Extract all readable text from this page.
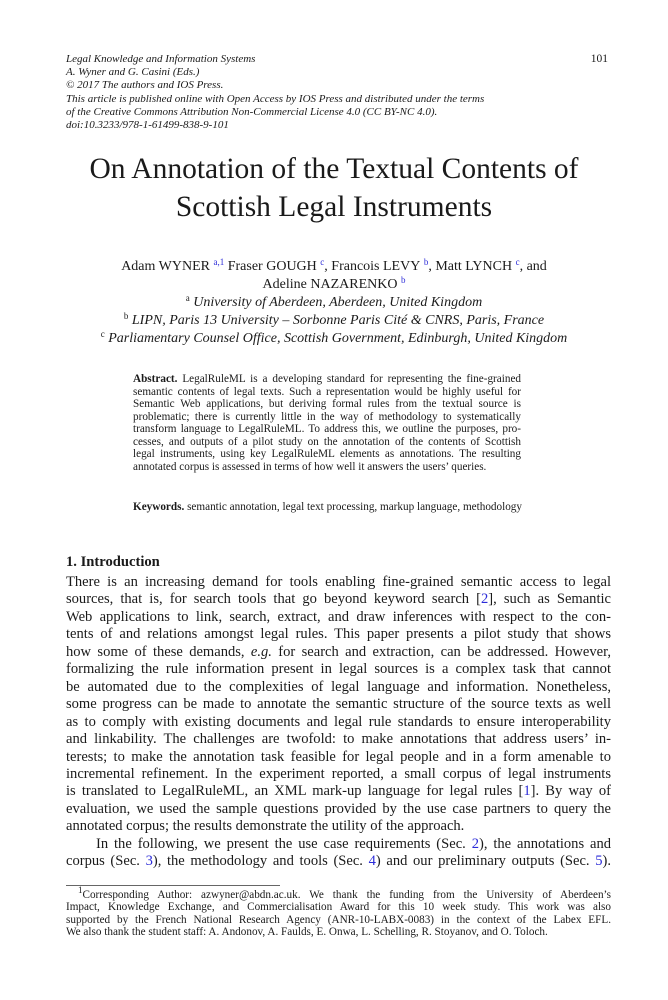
Legal Knowledge and Information Systems
A. Wyner and G. Casini (Eds.)
© 2017 The authors and IOS Press.
This article is published online with Open Access by IOS Press and distributed under the terms
of the Creative Commons Attribution Non-Commercial License 4.0 (CC BY-NC 4.0).
doi:10.3233/978-1-61499-838-9-101
101
On Annotation of the Textual Contents of
Scottish Legal Instruments
Adam WYNER $^{a,1}$ Fraser GOUGH $^c$, Francois LEVY $^b$, Matt LYNCH $^c$, and
Adeline NAZARENKO $^b$
$^a$ University of Aberdeen, Aberdeen, United Kingdom
$^b$ LIPN, Paris 13 University – Sorbonne Paris Cité & CNRS, Paris, France
$^c$ Parliamentary Counsel Office, Scottish Government, Edinburgh, United Kingdom
Abstract. LegalRuleML is a developing standard for representing the fine-grained
semantic contents of legal texts. Such a representation would be highly useful for
Semantic Web applications, but deriving formal rules from the textual source is
problematic; there is currently little in the way of methodology to systematically
transform language to LegalRuleML. To address this, we outline the purposes, pro-
cesses, and outputs of a pilot study on the annotation of the contents of Scottish
legal instruments, using key LegalRuleML elements as annotations. The resulting
annotated corpus is assessed in terms of how well it answers the users’ queries.
Keywords. semantic annotation, legal text processing, markup language, methodology
1. Introduction
There is an increasing demand for tools enabling fine-grained semantic access to legal
sources, that is, for search tools that go beyond keyword search [2], such as Semantic
Web applications to link, search, extract, and draw inferences with respect to the con-
tents of and relations amongst legal rules. This paper presents a pilot study that shows
how some of these demands, e.g. for search and extraction, can be addressed. However,
formalizing the rule information present in legal sources is a complex task that cannot
be automated due to the complexities of legal language and information. Nonetheless,
some progress can be made to annotate the semantic structure of the source texts as well
as to comply with existing documents and legal rule standards to ensure interoperability
and linkability. The challenges are twofold: to make annotations that address users’ in-
terests; to make the annotation task feasible for legal people and in a form amenable to
incremental refinement. In the experiment reported, a small corpus of legal instruments
is translated to LegalRuleML, an XML mark-up language for legal rules [1]. By way of
evaluation, we used the sample questions provided by the use case partners to query the
annotated corpus; the results demonstrate the utility of the approach.
In the following, we present the use case requirements (Sec. 2), the annotations and
corpus (Sec. 3), the methodology and tools (Sec. 4) and our preliminary outputs (Sec. 5).
$^1$Corresponding Author: azwyner@abdn.ac.uk. We thank the funding from the University of Aberdeen’s
Impact, Knowledge Exchange, and Commercialisation Award for this 10 week study. This work was also
supported by the French National Research Agency (ANR-10-LABX-0083) in the context of the Labex EFL.
We also thank the student staff: A. Andonov, A. Faulds, E. Onwa, L. Schelling, R. Stoyanov, and O. Toloch.
